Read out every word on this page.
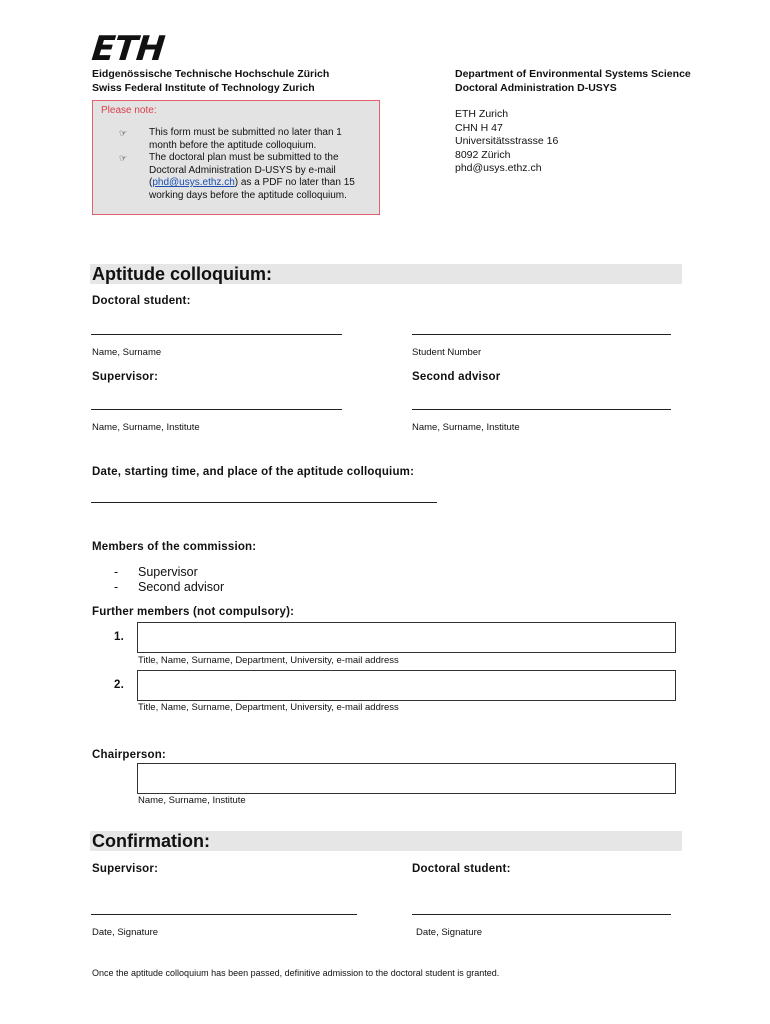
ETH
Eidgenössische Technische Hochschule Zürich
Swiss Federal Institute of Technology Zurich
Department of Environmental Systems Science
Doctoral Administration D-USYS
ETH Zurich
CHN H 47
Universitätsstrasse 16
8092 Zürich
phd@usys.ethz.ch
Please note:
☞	This form must be submitted no later than 1 month before the aptitude colloquium.
☞	The doctoral plan must be submitted to the Doctoral Administration D-USYS by e-mail (phd@usys.ethz.ch) as a PDF no later than 15 working days before the aptitude colloquium.
Aptitude colloquium:
Doctoral student:
Name, Surname	Student Number
Supervisor:	Second advisor
Name, Surname, Institute	Name, Surname, Institute
Date, starting time, and place of the aptitude colloquium:
Members of the commission:
- Supervisor
- Second advisor
Further members (not compulsory):
1.
Title, Name, Surname, Department, University, e-mail address
2.
Title, Name, Surname, Department, University, e-mail address
Chairperson:
Name, Surname, Institute
Confirmation:
Supervisor:	Doctoral student:
Date, Signature	Date, Signature
Once the aptitude colloquium has been passed, definitive admission to the doctoral student is granted.
